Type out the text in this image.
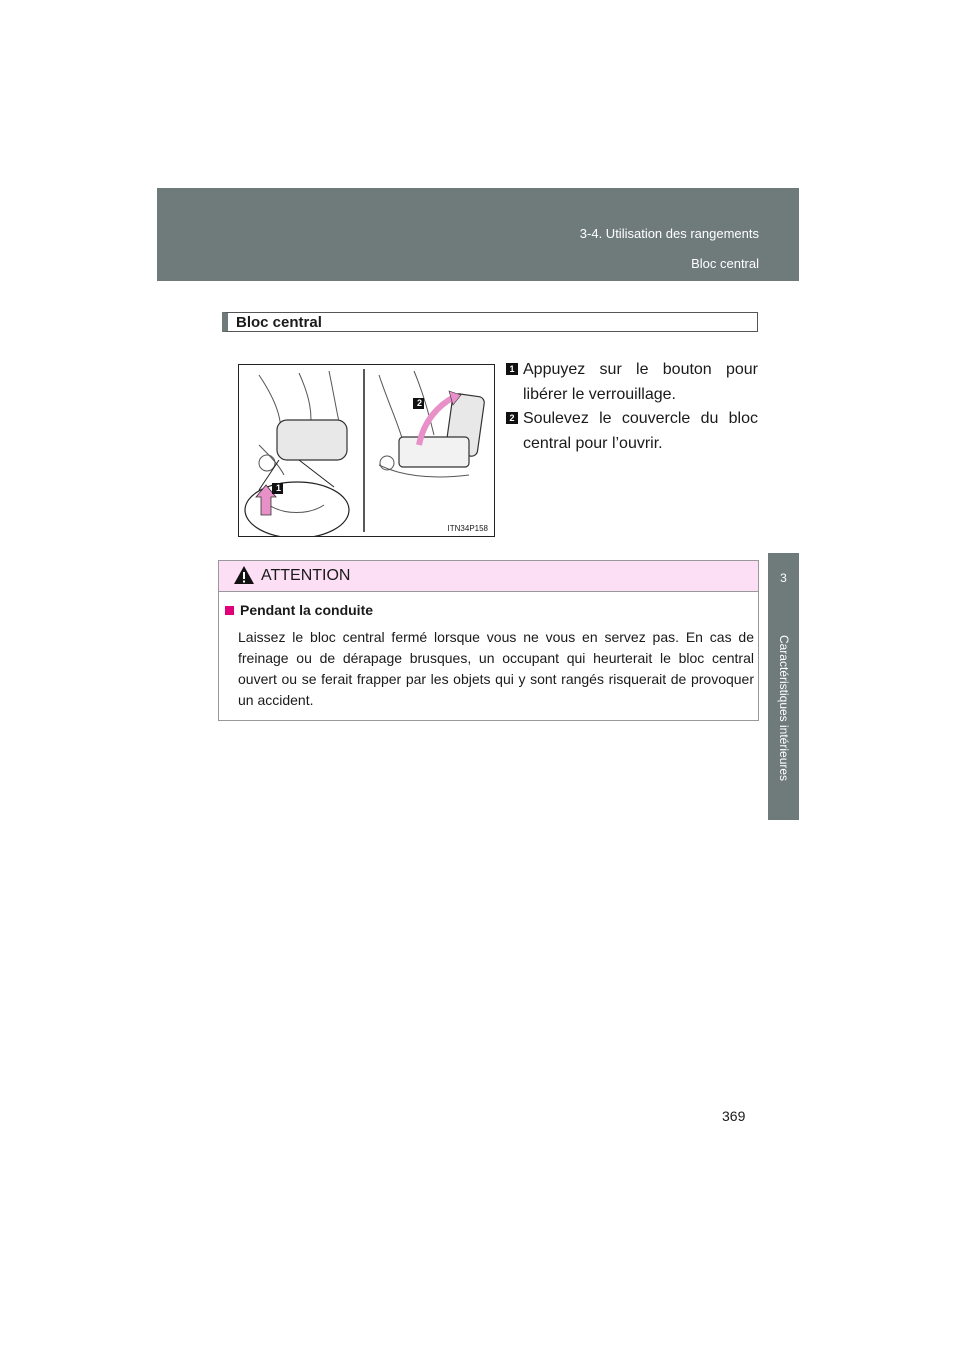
3-4. Utilisation des rangements
Bloc central
3
Caractéristiques intérieures
Bloc central
1
2
ITN34P158
1 Appuyez sur le bouton pour libérer le verrouillage.
2 Soulevez le couvercle du bloc central pour l’ouvrir.
ATTENTION
Pendant la conduite
Laissez le bloc central fermé lorsque vous ne vous en servez pas. En cas de freinage ou de dérapage brusques, un occupant qui heurterait le bloc central ouvert ou se ferait frapper par les objets qui y sont rangés risquerait de provoquer un accident.
369
